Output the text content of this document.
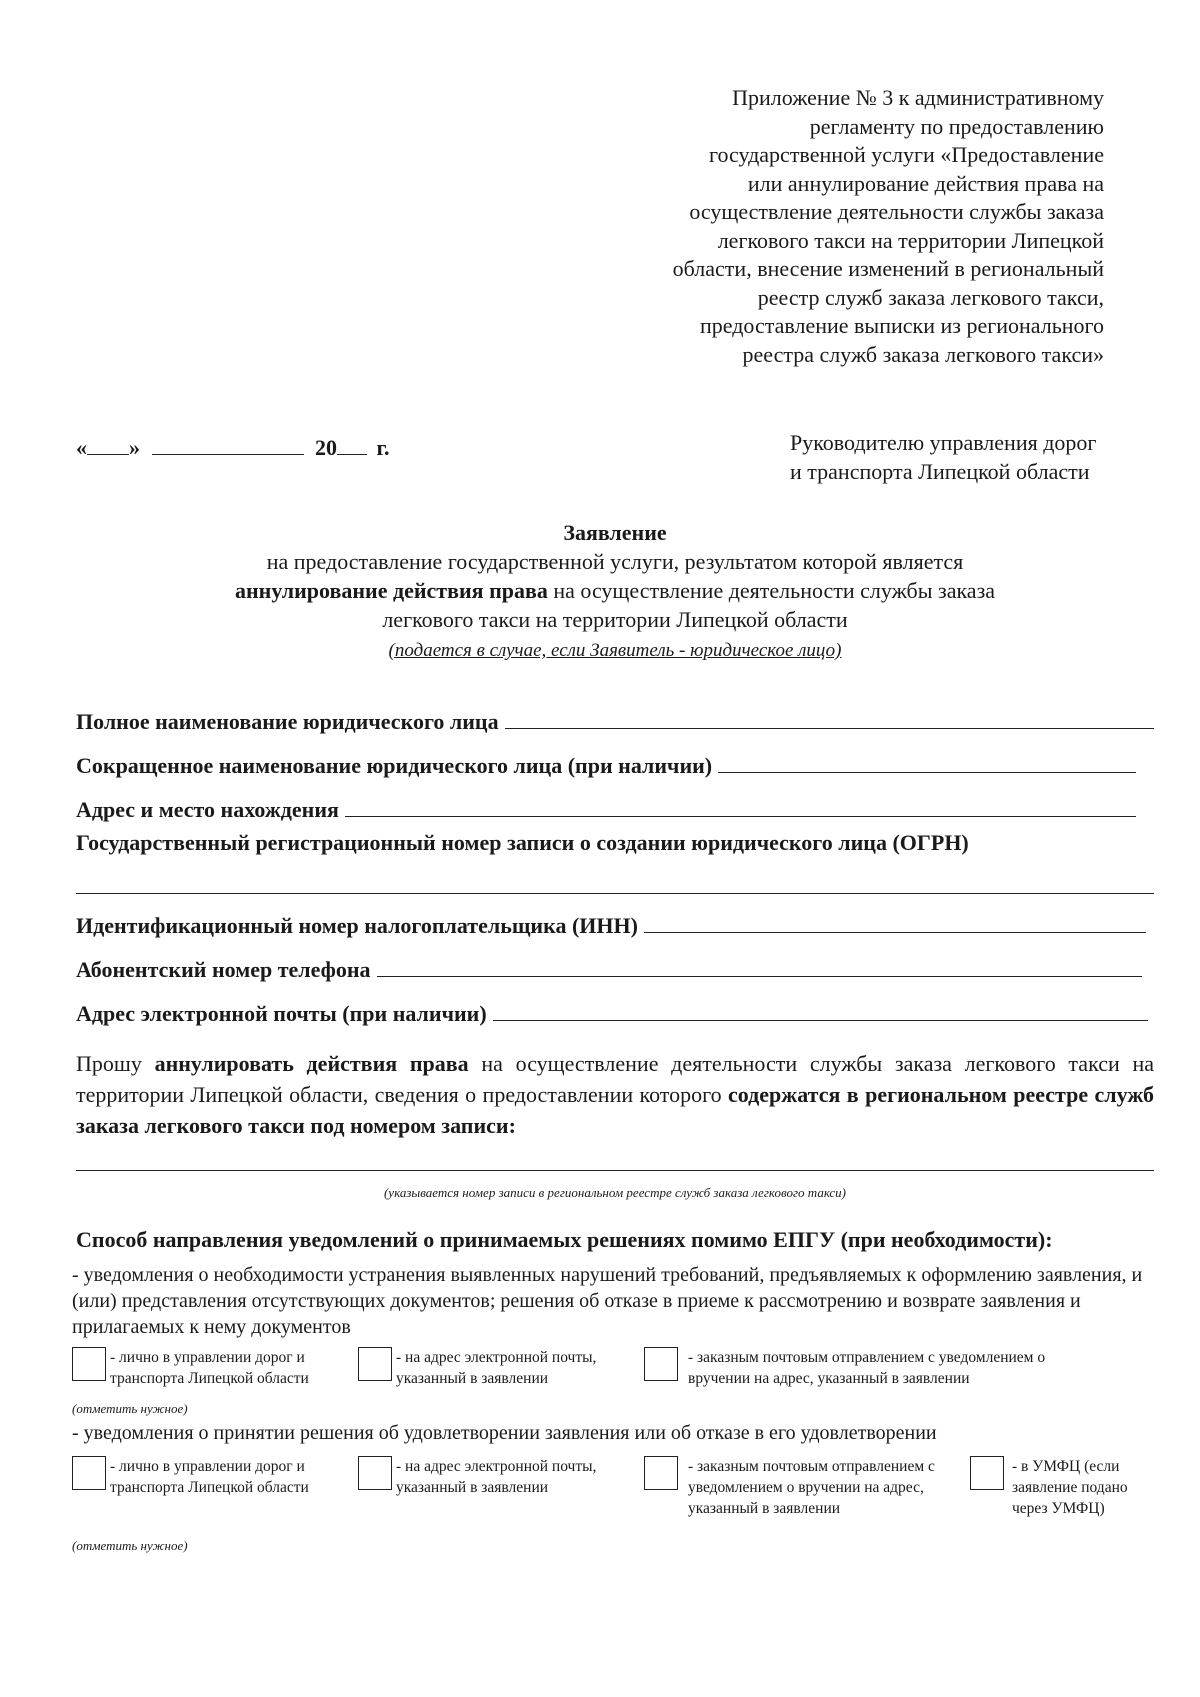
Приложение № 3 к административному
регламенту по предоставлению
государственной услуги «Предоставление
или аннулирование действия права на
осуществление деятельности службы заказа
легкового такси на территории Липецкой
области, внесение изменений в региональный
реестр служб заказа легкового такси,
предоставление выписки из регионального
реестра служб заказа легкового такси»
« »	20 г.	Руководителю управления дорог
и транспорта Липецкой области
Заявление
на предоставление государственной услуги, результатом которой является
аннулирование действия права на осуществление деятельности службы заказа
легкового такси на территории Липецкой области
(подается в случае, если Заявитель - юридическое лицо)
Полное наименование юридического лица
Сокращенное наименование юридического лица (при наличии)
Адрес и место нахождения
Государственный регистрационный номер записи о создании юридического лица (ОГРН)
Идентификационный номер налогоплательщика (ИНН)
Абонентский номер телефона
Адрес электронной почты (при наличии)
Прошу аннулировать действия права на осуществление деятельности службы заказа легкового такси на территории Липецкой области, сведения о предоставлении которого содержатся в региональном реестре служб заказа легкового такси под номером записи:
(указывается номер записи в региональном реестре служб заказа легкового такси)
Способ направления уведомлений о принимаемых решениях помимо ЕПГУ (при необходимости):
- уведомления о необходимости устранения выявленных нарушений требований, предъявляемых к оформлению заявления, и (или) представления отсутствующих документов; решения об отказе в приеме к рассмотрению и возврате заявления и прилагаемых к нему документов
- лично в управлении дорог и
транспорта Липецкой области
- на адрес электронной почты,
указанный в заявлении
- заказным почтовым отправлением с уведомлением о
вручении на адрес, указанный в заявлении
(отметить нужное)
- уведомления о принятии решения об удовлетворении заявления или об отказе в его удовлетворении
- лично в управлении дорог и
транспорта Липецкой области
- на адрес электронной почты,
указанный в заявлении
- заказным почтовым отправлением с
уведомлением о вручении на адрес,
указанный в заявлении
- в УМФЦ (если
заявление подано
через УМФЦ)
(отметить нужное)
